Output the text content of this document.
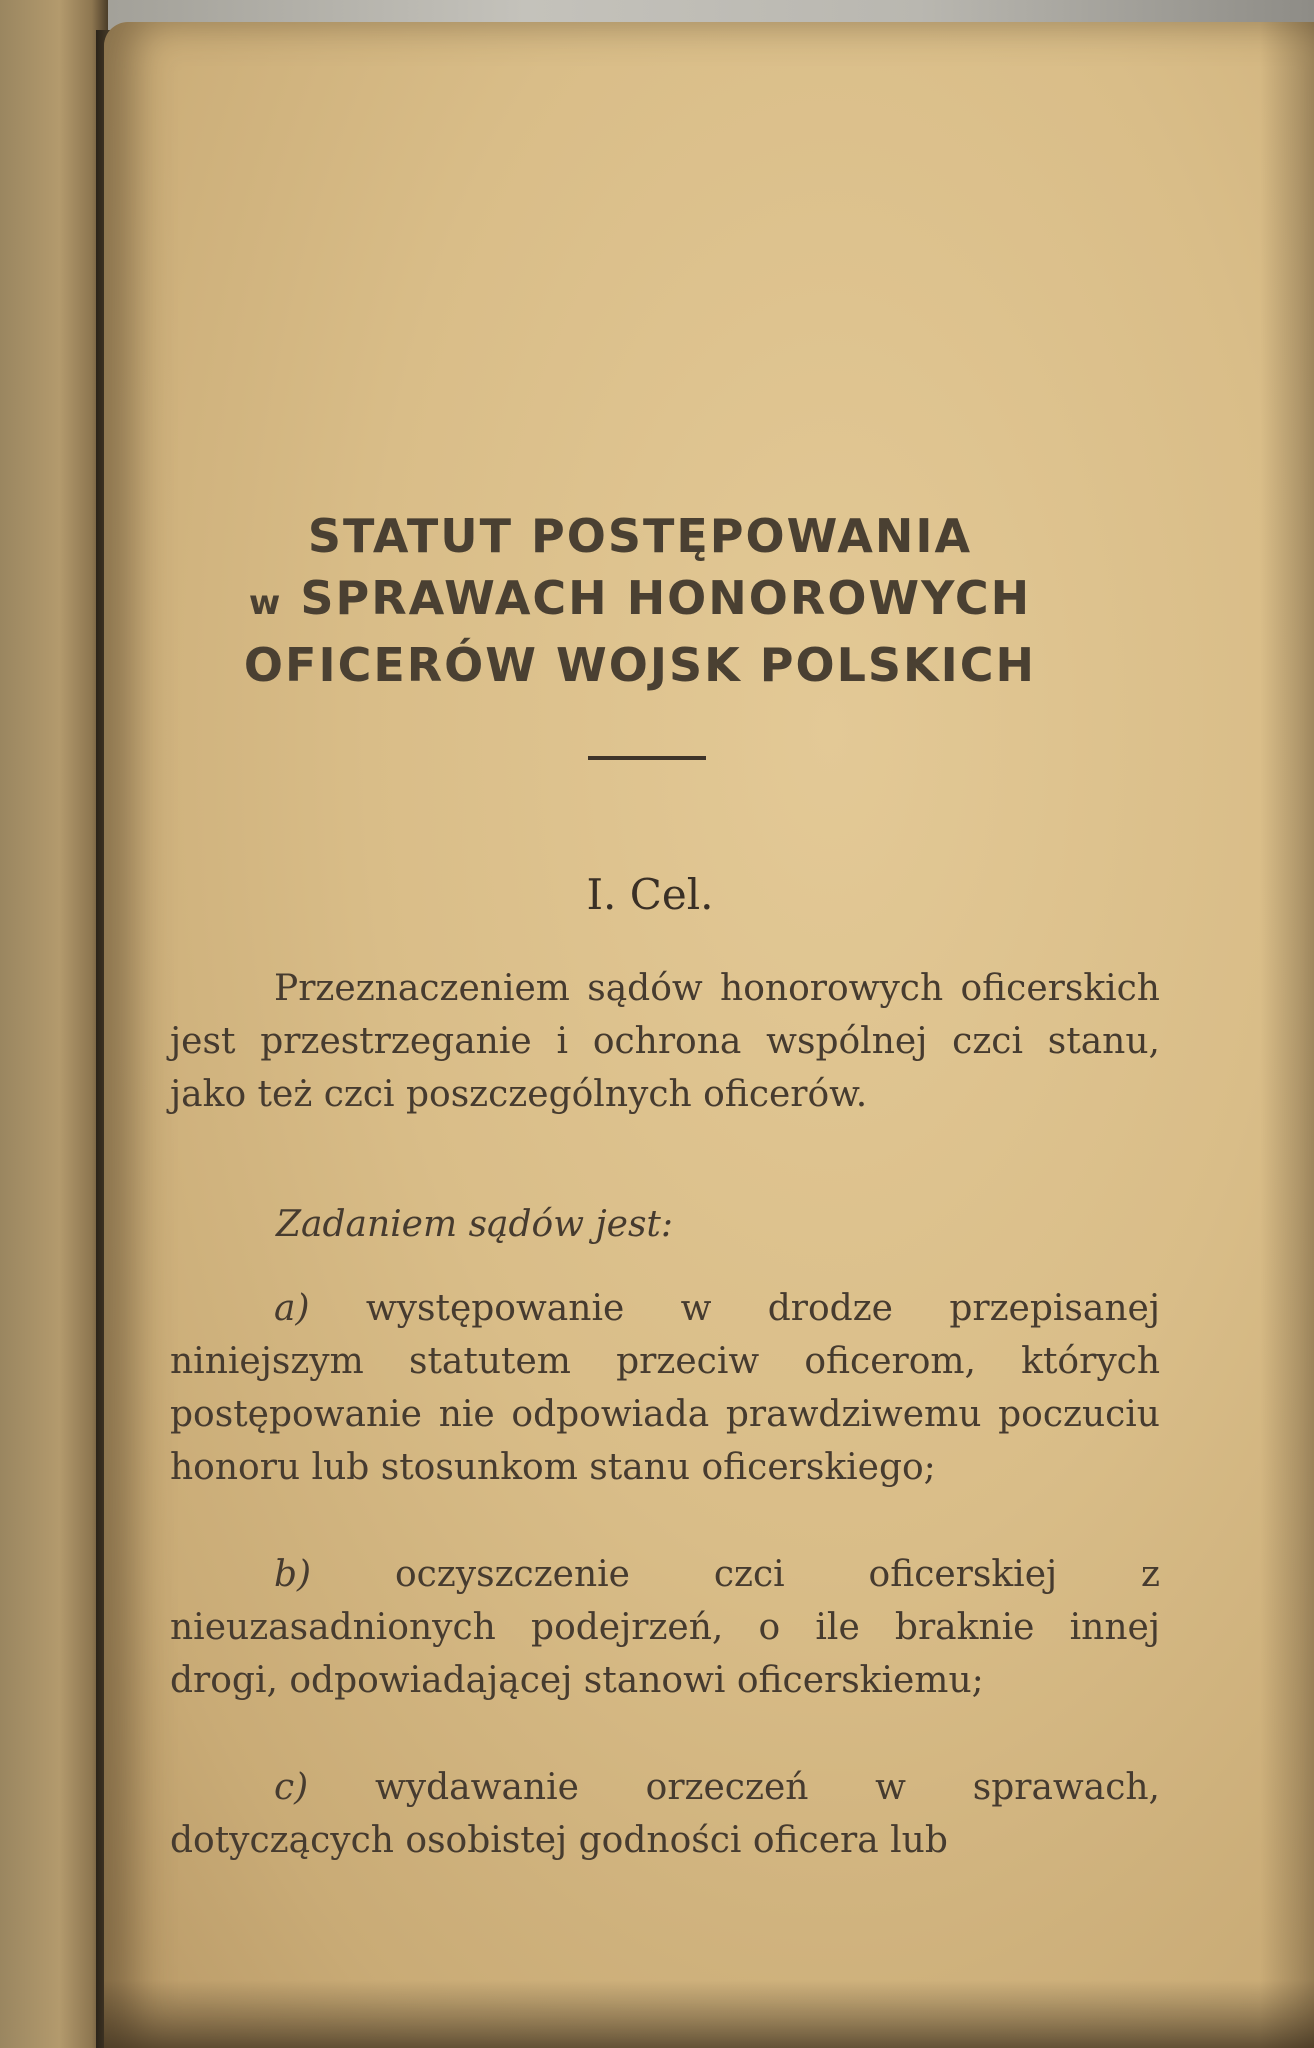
STATUT POSTĘPOWANIA
w SPRAWACH HONOROWYCH
OFICERÓW WOJSK POLSKICH
I. Cel.

Przeznaczeniem sądów honorowych oficerskich jest przestrzeganie i ochrona wspólnej czci stanu, jako też czci poszczególnych oficerów.

Zadaniem sądów jest:

a) występowanie w drodze przepisanej niniejszym statutem przeciw oficerom, których postępowanie nie odpowiada prawdziwemu poczuciu honoru lub stosunkom stanu oficerskiego;

b) oczyszczenie czci oficerskiej z nieuzasadnionych podejrzeń, o ile braknie innej drogi, odpowiadającej stanowi oficerskiemu;

c) wydawanie orzeczeń w sprawach, dotyczących osobistej godności oficera lub
